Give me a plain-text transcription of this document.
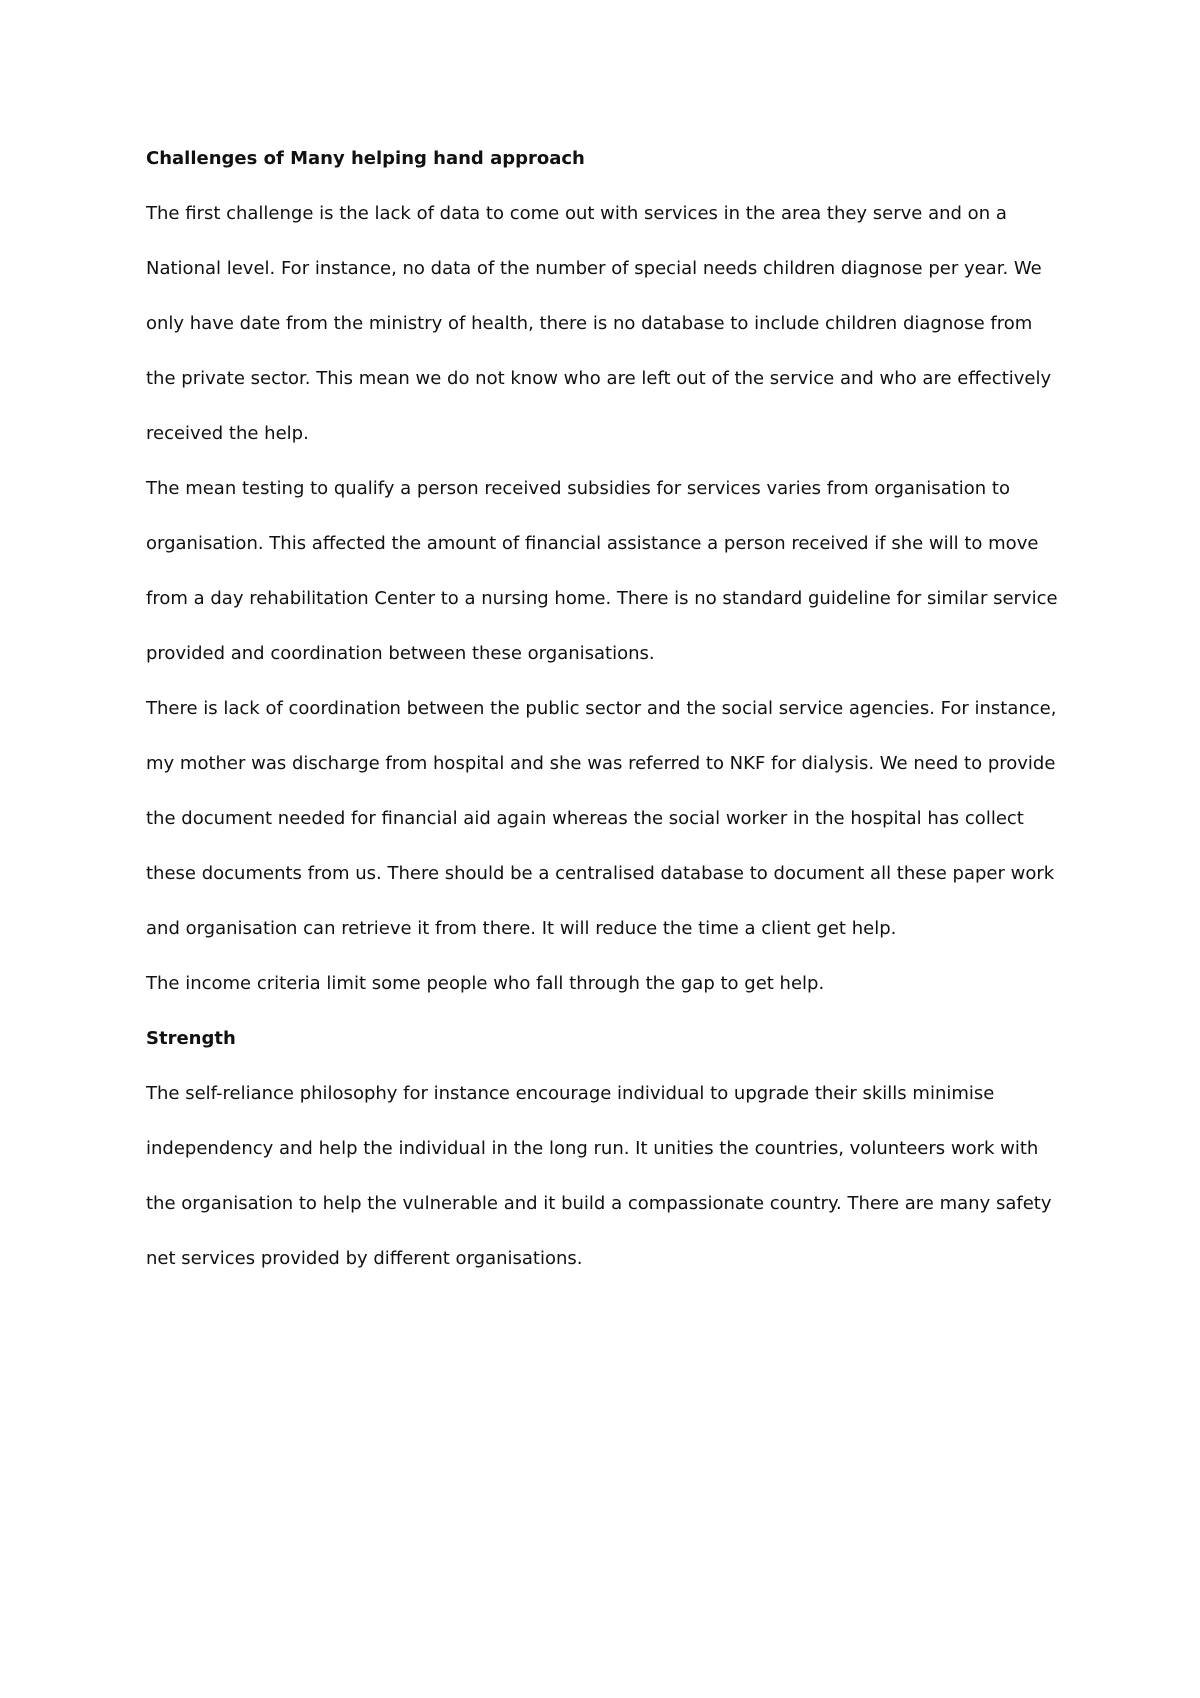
Challenges of Many helping hand approach

The first challenge is the lack of data to come out with services in the area they serve and on a

National level. For instance, no data of the number of special needs children diagnose per year. We

only have date from the ministry of health, there is no database to include children diagnose from

the private sector. This mean we do not know who are left out of the service and who are effectively

received the help.

The mean testing to qualify a person received subsidies for services varies from organisation to

organisation. This affected the amount of financial assistance a person received if she will to move

from a day rehabilitation Center to a nursing home. There is no standard guideline for similar service

provided and coordination between these organisations.

There is lack of coordination between the public sector and the social service agencies. For instance,

my mother was discharge from hospital and she was referred to NKF for dialysis. We need to provide

the document needed for financial aid again whereas the social worker in the hospital has collect

these documents from us. There should be a centralised database to document all these paper work

and organisation can retrieve it from there. It will reduce the time a client get help.

The income criteria limit some people who fall through the gap to get help.

Strength

The self-reliance philosophy for instance encourage individual to upgrade their skills minimise

independency and help the individual in the long run. It unities the countries, volunteers work with

the organisation to help the vulnerable and it build a compassionate country. There are many safety

net services provided by different organisations.
